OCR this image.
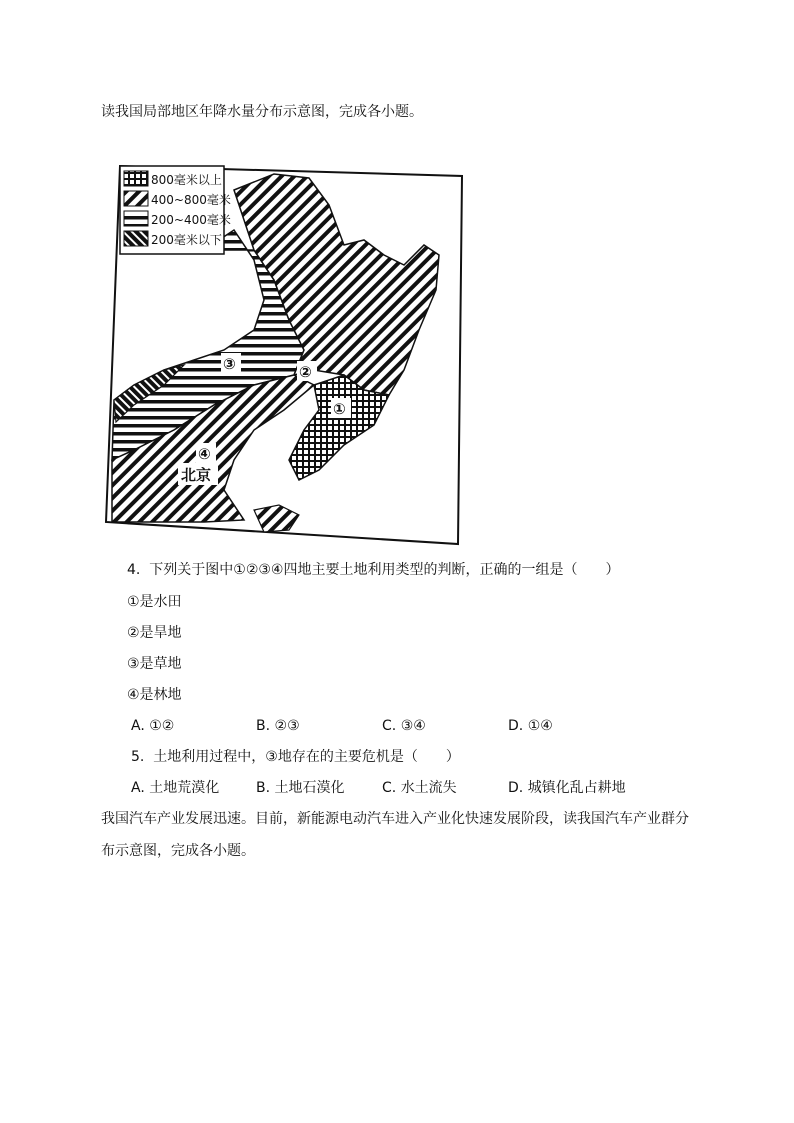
读我国局部地区年降水量分布示意图，完成各小题。
800毫米以上
400~800毫米
200~400毫米
200毫米以下
①
②
③
④
北京
4. 下列关于图中①②③④四地主要土地利用类型的判断，正确的一组是（　　）
①是水田
②是旱地
③是草地
④是林地
A. ①②	B. ②③	C. ③④	D. ①④
5. 土地利用过程中，③地存在的主要危机是（　　）
A. 土地荒漠化	B. 土地石漠化	C. 水土流失	D. 城镇化乱占耕地
我国汽车产业发展迅速。目前，新能源电动汽车进入产业化快速发展阶段，读我国汽车产业群分
布示意图，完成各小题。
